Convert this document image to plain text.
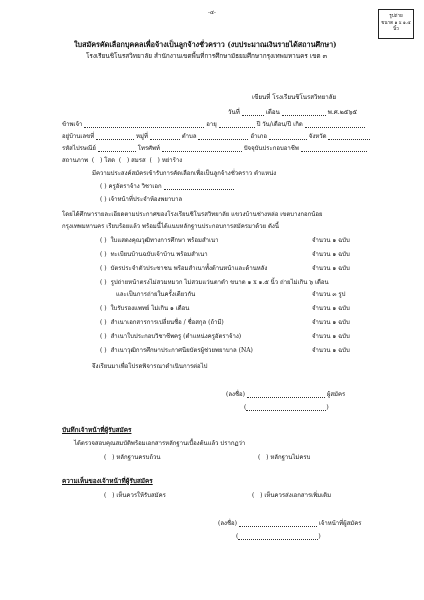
-๔-
รูปถ่าย
ขนาด ๑ x ๑.๕
นิ้ว
ใบสมัครคัดเลือกบุคคลเพื่อจ้างเป็นลูกจ้างชั่วคราว (งบประมาณเงินรายได้สถานศึกษา)
โรงเรียนชิโนรสวิทยาลัย สำนักงานเขตพื้นที่การศึกษามัธยมศึกษากรุงเทพมหานคร เขต ๓
เขียนที่ โรงเรียนชิโนรสวิทยาลัย
วันที่	เดือน	พ.ศ.๒๕๖๕
ข้าพเจ้า	อายุ	ปี วัน/เดือน/ปี เกิด
อยู่บ้านเลขที่	หมู่ที่	ตำบล	อำเภอ	จังหวัด
รหัสไปรษณีย์	โทรศัพท์	ปัจจุบันประกอบอาชีพ
สถานภาพ  (   ) โสด  (   ) สมรส  (   ) หย่าร้าง
มีความประสงค์สมัครเข้ารับการคัดเลือกเพื่อเป็นลูกจ้างชั่วคราว ตำแหน่ง
( ) ครูอัตราจ้าง วิชาเอก
( ) เจ้าหน้าที่ประจำห้องพยาบาล
โดยได้ศึกษารายละเอียดตามประกาศของโรงเรียนชิโนรสวิทยาลัย แขวงบ้านช่างหล่อ เขตบางกอกน้อย
กรุงเทพมหานคร เรียบร้อยแล้ว พร้อมนี้ได้แนบหลักฐานประกอบการสมัครมาด้วย ดังนี้
( ) ใบแสดงคุณวุฒิทางการศึกษา พร้อมสำเนา	จำนวน ๑ ฉบับ
( ) ทะเบียนบ้านฉบับเจ้าบ้าน พร้อมสำเนา	จำนวน ๑ ฉบับ
( ) บัตรประจำตัวประชาชน พร้อมสำเนาทั้งด้านหน้าและด้านหลัง	จำนวน ๑ ฉบับ
( ) รูปถ่ายหน้าตรงไม่สวมหมวก ไม่สวมแว่นตาดำ ขนาด ๑ x ๑.๕ นิ้ว ถ่ายไม่เกิน ๖ เดือน
และเป็นการถ่ายในครั้งเดียวกัน	จำนวน ๓ รูป
( ) ใบรับรองแพทย์ ไม่เกิน ๑ เดือน	จำนวน ๑ ฉบับ
( ) สำเนาเอกสารการเปลี่ยนชื่อ / ชื่อสกุล (ถ้ามี)	จำนวน ๑ ฉบับ
( ) สำเนาใบประกอบวิชาชีพครู (ตำแหน่งครูอัตราจ้าง)	จำนวน ๑ ฉบับ
( ) สำเนาวุฒิการศึกษาประกาศนียบัตรผู้ช่วยพยาบาล (NA)	จำนวน ๑ ฉบับ
จึงเรียนมาเพื่อโปรดพิจารณาดำเนินการต่อไป
(ลงชื่อ)	ผู้สมัคร
(	)
บันทึกเจ้าหน้าที่ผู้รับสมัคร
ได้ตรวจสอบคุณสมบัติพร้อมเอกสารหลักฐานเบื้องต้นแล้ว ปรากฏว่า
(   ) หลักฐานครบถ้วน	(   ) หลักฐานไม่ครบ
ความเห็นของเจ้าหน้าที่ผู้รับสมัคร
(   ) เห็นควรให้รับสมัคร	(   ) เห็นควรส่งเอกสารเพิ่มเติม
(ลงชื่อ)	เจ้าหน้าที่ผู้สมัคร
(	)
